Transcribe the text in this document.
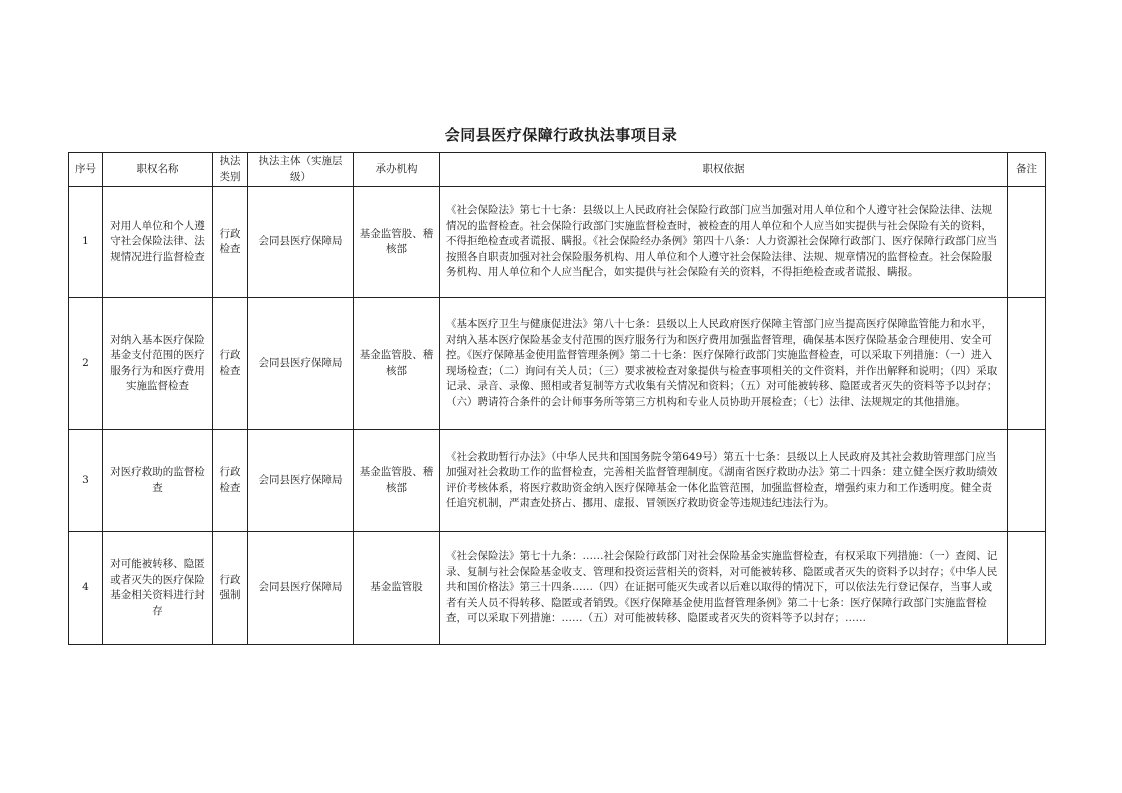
会同县医疗保障行政执法事项目录
序号	职权名称	执法类别	执法主体（实施层级）	承办机构	职权依据	备注
1	对用人单位和个人遵守社会保险法律、法规情况进行监督检查	行政检查	会同县医疗保障局	基金监管股、稽核部	《社会保险法》第七十七条：县级以上人民政府社会保险行政部门应当加强对用人单位和个人遵守社会保险法律、法规情况的监督检查。社会保险行政部门实施监督检查时，被检查的用人单位和个人应当如实提供与社会保险有关的资料，不得拒绝检查或者谎报、瞒报。《社会保险经办条例》第四十八条：人力资源社会保障行政部门、医疗保障行政部门应当按照各自职责加强对社会保险服务机构、用人单位和个人遵守社会保险法律、法规、规章情况的监督检查。社会保险服务机构、用人单位和个人应当配合，如实提供与社会保险有关的资料，不得拒绝检查或者谎报、瞒报。	
2	对纳入基本医疗保险基金支付范围的医疗服务行为和医疗费用实施监督检查	行政检查	会同县医疗保障局	基金监管股、稽核部	《基本医疗卫生与健康促进法》第八十七条：县级以上人民政府医疗保障主管部门应当提高医疗保障监管能力和水平，对纳入基本医疗保险基金支付范围的医疗服务行为和医疗费用加强监督管理，确保基本医疗保险基金合理使用、安全可控。《医疗保障基金使用监督管理条例》第二十七条：医疗保障行政部门实施监督检查，可以采取下列措施：（一）进入现场检查；（二）询问有关人员；（三）要求被检查对象提供与检查事项相关的文件资料，并作出解释和说明；（四）采取记录、录音、录像、照相或者复制等方式收集有关情况和资料；（五）对可能被转移、隐匿或者灭失的资料等予以封存；（六）聘请符合条件的会计师事务所等第三方机构和专业人员协助开展检查；（七）法律、法规规定的其他措施。	
3	对医疗救助的监督检查	行政检查	会同县医疗保障局	基金监管股、稽核部	《社会救助暂行办法》（中华人民共和国国务院令第649号）第五十七条：县级以上人民政府及其社会救助管理部门应当加强对社会救助工作的监督检查，完善相关监督管理制度。《湖南省医疗救助办法》第二十四条：建立健全医疗救助绩效评价考核体系，将医疗救助资金纳入医疗保障基金一体化监管范围，加强监督检查，增强约束力和工作透明度。健全责任追究机制，严肃查处挤占、挪用、虚报、冒领医疗救助资金等违规违纪违法行为。	
4	对可能被转移、隐匿或者灭失的医疗保险基金相关资料进行封存	行政强制	会同县医疗保障局	基金监管股	《社会保险法》第七十九条：……社会保险行政部门对社会保险基金实施监督检查，有权采取下列措施：（一）查阅、记录、复制与社会保险基金收支、管理和投资运营相关的资料，对可能被转移、隐匿或者灭失的资料予以封存；《中华人民共和国价格法》第三十四条……（四）在证据可能灭失或者以后难以取得的情况下，可以依法先行登记保存，当事人或者有关人员不得转移、隐匿或者销毁。《医疗保障基金使用监督管理条例》第二十七条：医疗保障行政部门实施监督检查，可以采取下列措施：……（五）对可能被转移、隐匿或者灭失的资料等予以封存；……	
